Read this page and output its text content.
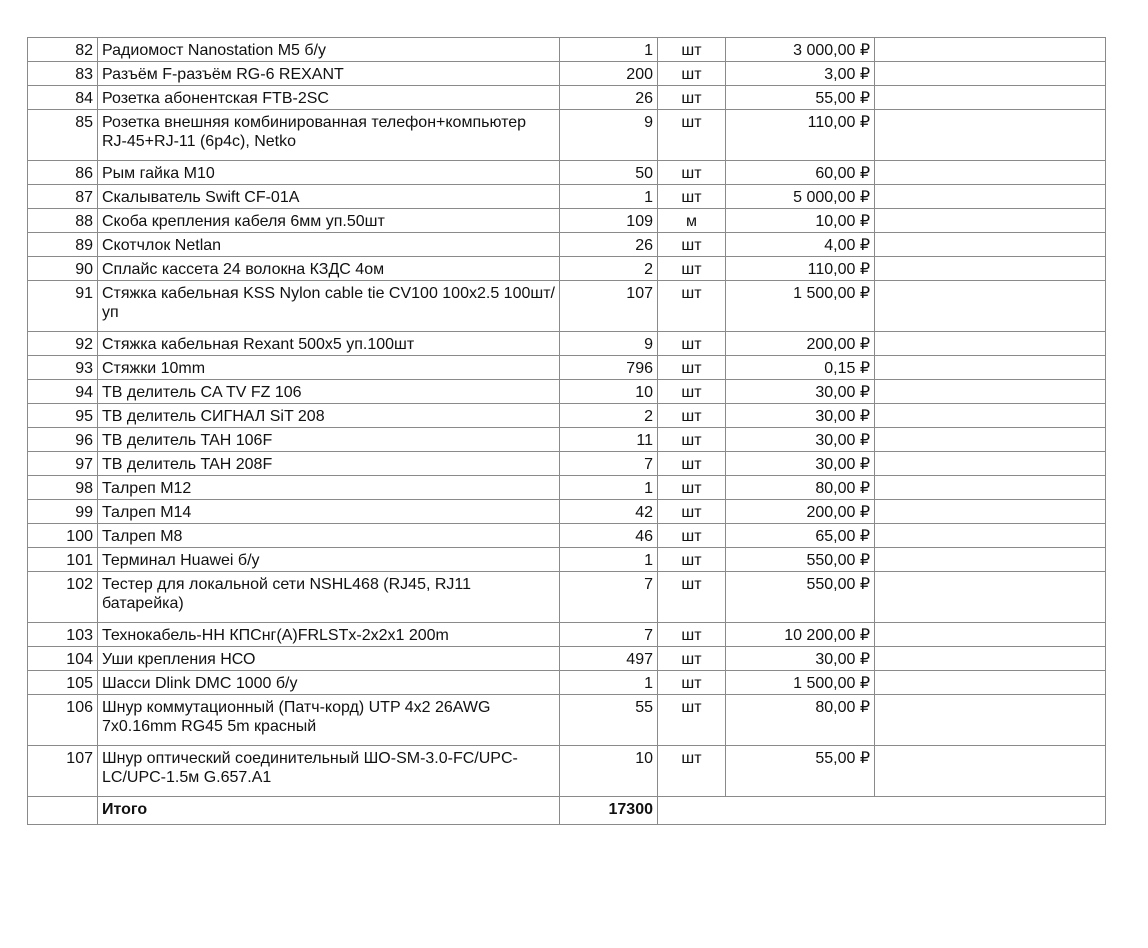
82	Радиомост Nanostation M5 б/у	1	шт	3 000,00 ₽	
83	Разъём F-разъём RG-6 REXANT	200	шт	3,00 ₽	
84	Розетка абонентская FTB-2SC	26	шт	55,00 ₽	
85	Розетка внешняя комбинированная телефон+компьютер RJ-45+RJ-11 (6р4с), Netko	9	шт	110,00 ₽	
86	Рым гайка М10	50	шт	60,00 ₽	
87	Скалыватель Swift CF-01A	1	шт	5 000,00 ₽	
88	Скоба крепления кабеля 6мм уп.50шт	109	м	10,00 ₽	
89	Скотчлок Netlan	26	шт	4,00 ₽	
90	Сплайс кассета 24 волокна КЗДС 4ом	2	шт	110,00 ₽	
91	Стяжка кабельная KSS Nylon cable tie CV100 100x2.5 100шт/уп	107	шт	1 500,00 ₽	
92	Стяжка кабельная Rexant 500x5 уп.100шт	9	шт	200,00 ₽	
93	Стяжки 10mm	796	шт	0,15 ₽	
94	ТВ делитель CA TV FZ 106	10	шт	30,00 ₽	
95	ТВ делитель СИГНАЛ SiT 208	2	шт	30,00 ₽	
96	ТВ делитель TAH 106F	11	шт	30,00 ₽	
97	ТВ делитель TAH 208F	7	шт	30,00 ₽	
98	Талреп М12	1	шт	80,00 ₽	
99	Талреп М14	42	шт	200,00 ₽	
100	Талреп М8	46	шт	65,00 ₽	
101	Терминал Huawei б/у	1	шт	550,00 ₽	
102	Тестер для локальной сети NSHL468 (RJ45, RJ11 батарейка)	7	шт	550,00 ₽	
103	Технокабель-НН КПСнг(А)FRLSTx-2x2x1 200m	7	шт	10 200,00 ₽	
104	Уши крепления НСО	497	шт	30,00 ₽	
105	Шасси Dlink DMC 1000 б/у	1	шт	1 500,00 ₽	
106	Шнур коммутационный (Патч-корд) UTP 4x2 26AWG 7x0.16mm RG45 5m красный	55	шт	80,00 ₽	
107	Шнур оптический соединительный ШО-SM-3.0-FC/UPC-LC/UPC-1.5м G.657.A1	10	шт	55,00 ₽	
	Итого	17300			
